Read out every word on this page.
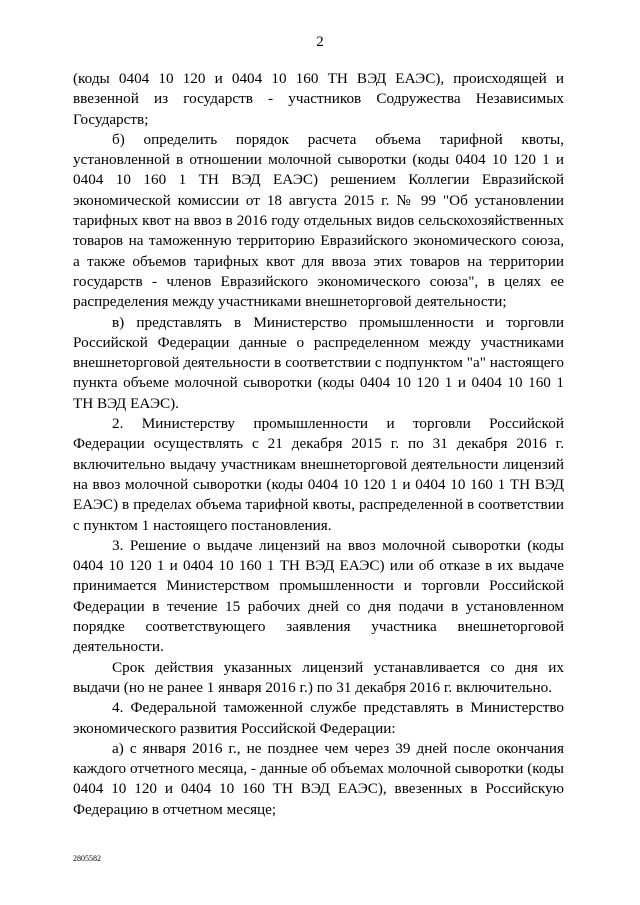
2

(коды 0404 10 120 и 0404 10 160 ТН ВЭД ЕАЭС), происходящей и ввезенной из государств - участников Содружества Независимых Государств;

б) определить порядок расчета объема тарифной квоты, установленной в отношении молочной сыворотки (коды 0404 10 120 1 и 0404 10 160 1 ТН ВЭД ЕАЭС) решением Коллегии Евразийской экономической комиссии от 18 августа 2015 г. № 99 "Об установлении тарифных квот на ввоз в 2016 году отдельных видов сельскохозяйственных товаров на таможенную территорию Евразийского экономического союза, а также объемов тарифных квот для ввоза этих товаров на территории государств - членов Евразийского экономического союза", в целях ее распределения между участниками внешнеторговой деятельности;

в) представлять в Министерство промышленности и торговли Российской Федерации данные о распределенном между участниками внешнеторговой деятельности в соответствии с подпунктом "а" настоящего пункта объеме молочной сыворотки (коды 0404 10 120 1 и 0404 10 160 1 ТН ВЭД ЕАЭС).

2. Министерству промышленности и торговли Российской Федерации осуществлять с 21 декабря 2015 г. по 31 декабря 2016 г. включительно выдачу участникам внешнеторговой деятельности лицензий на ввоз молочной сыворотки (коды 0404 10 120 1 и 0404 10 160 1 ТН ВЭД ЕАЭС) в пределах объема тарифной квоты, распределенной в соответствии с пунктом 1 настоящего постановления.

3. Решение о выдаче лицензий на ввоз молочной сыворотки (коды 0404 10 120 1 и 0404 10 160 1 ТН ВЭД ЕАЭС) или об отказе в их выдаче принимается Министерством промышленности и торговли Российской Федерации в течение 15 рабочих дней со дня подачи в установленном порядке соответствующего заявления участника внешнеторговой деятельности.

Срок действия указанных лицензий устанавливается со дня их выдачи (но не ранее 1 января 2016 г.) по 31 декабря 2016 г. включительно.

4. Федеральной таможенной службе представлять в Министерство экономического развития Российской Федерации:

а) с января 2016 г., не позднее чем через 39 дней после окончания каждого отчетного месяца, - данные об объемах молочной сыворотки (коды 0404 10 120 и 0404 10 160 ТН ВЭД ЕАЭС), ввезенных в Российскую Федерацию в отчетном месяце;

2805582
